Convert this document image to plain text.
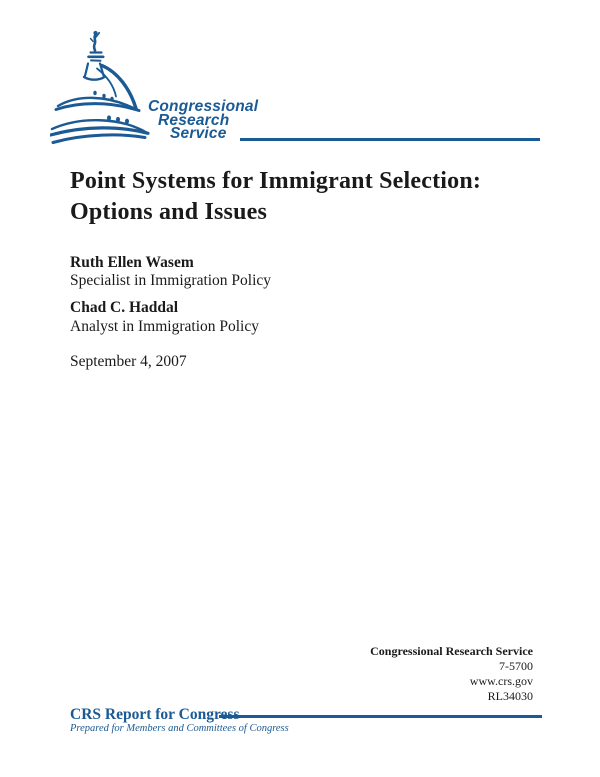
Congressional
Research
Service
Point Systems for Immigrant Selection:
Options and Issues
Ruth Ellen Wasem
Specialist in Immigration Policy
Chad C. Haddal
Analyst in Immigration Policy
September 4, 2007
Congressional Research Service
7-5700
www.crs.gov
RL34030
CRS Report for Congress
Prepared for Members and Committees of Congress
